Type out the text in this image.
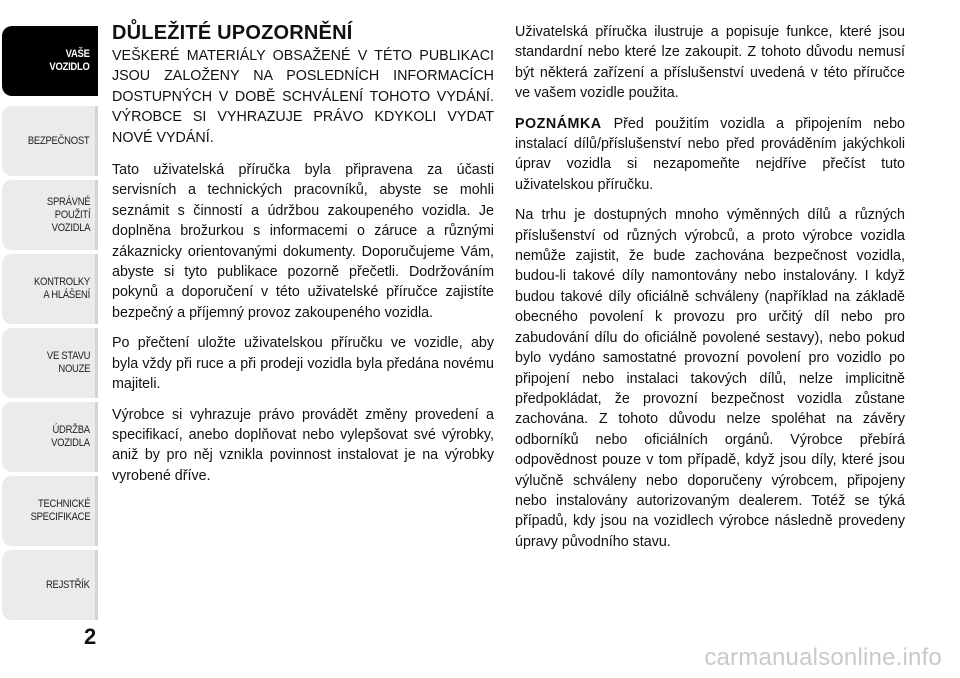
VAŠE
VOZIDLO
BEZPEČNOST
SPRÁVNÉ
POUŽITÍ
VOZIDLA
KONTROLKY
A HLÁŠENÍ
VE STAVU
NOUZE
ÚDRŽBA
VOZIDLA
TECHNICKÉ
SPECIFIKACE
REJSTŘÍK
2
DŮLEŽITÉ UPOZORNĚNÍ

VEŠKERÉ MATERIÁLY OBSAŽENÉ V TÉTO PUBLIKACI JSOU ZALOŽENY NA POSLEDNÍCH INFORMACÍCH DOSTUPNÝCH V DOBĚ SCHVÁLENÍ TOHOTO VYDÁNÍ. VÝROBCE SI VYHRAZUJE PRÁVO KDYKOLI VYDAT NOVÉ VYDÁNÍ.

Tato uživatelská příručka byla připravena za účasti servisních a technických pracovníků, abyste se mohli seznámit s činností a údržbou zakoupeného vozidla. Je doplněna brožurkou s informacemi o záruce a různými zákaznicky orientovanými dokumenty. Doporučujeme Vám, abyste si tyto publikace pozorně přečetli. Dodržováním pokynů a doporučení v této uživatelské příručce zajistíte bezpečný a příjemný provoz zakoupeného vozidla.

Po přečtení uložte uživatelskou příručku ve vozidle, aby byla vždy při ruce a při prodeji vozidla byla předána novému majiteli.

Výrobce si vyhrazuje právo provádět změny provedení a specifikací, anebo doplňovat nebo vylepšovat své výrobky, aniž by pro něj vznikla povinnost instalovat je na výrobky vyrobené dříve.

Uživatelská příručka ilustruje a popisuje funkce, které jsou standardní nebo které lze zakoupit. Z tohoto důvodu nemusí být některá zařízení a příslušenství uvedená v této příručce ve vašem vozidle použita.

POZNÁMKA Před použitím vozidla a připojením nebo instalací dílů/příslušenství nebo před prováděním jakýchkoli úprav vozidla si nezapomeňte nejdříve přečíst tuto uživatelskou příručku.

Na trhu je dostupných mnoho výměnných dílů a různých příslušenství od různých výrobců, a proto výrobce vozidla nemůže zajistit, že bude zachována bezpečnost vozidla, budou-li takové díly namontovány nebo instalovány. I když budou takové díly oficiálně schváleny (například na základě obecného povolení k provozu pro určitý díl nebo pro zabudování dílu do oficiálně povolené sestavy), nebo pokud bylo vydáno samostatné provozní povolení pro vozidlo po připojení nebo instalaci takových dílů, nelze implicitně předpokládat, že provozní bezpečnost vozidla zůstane zachována. Z tohoto důvodu nelze spoléhat na závěry odborníků nebo oficiálních orgánů. Výrobce přebírá odpovědnost pouze v tom případě, když jsou díly, které jsou výlučně schváleny nebo doporučeny výrobcem, připojeny nebo instalovány autorizovaným dealerem. Totéž se týká případů, kdy jsou na vozidlech výrobce následně provedeny úpravy původního stavu.

carmanualsonline.info
